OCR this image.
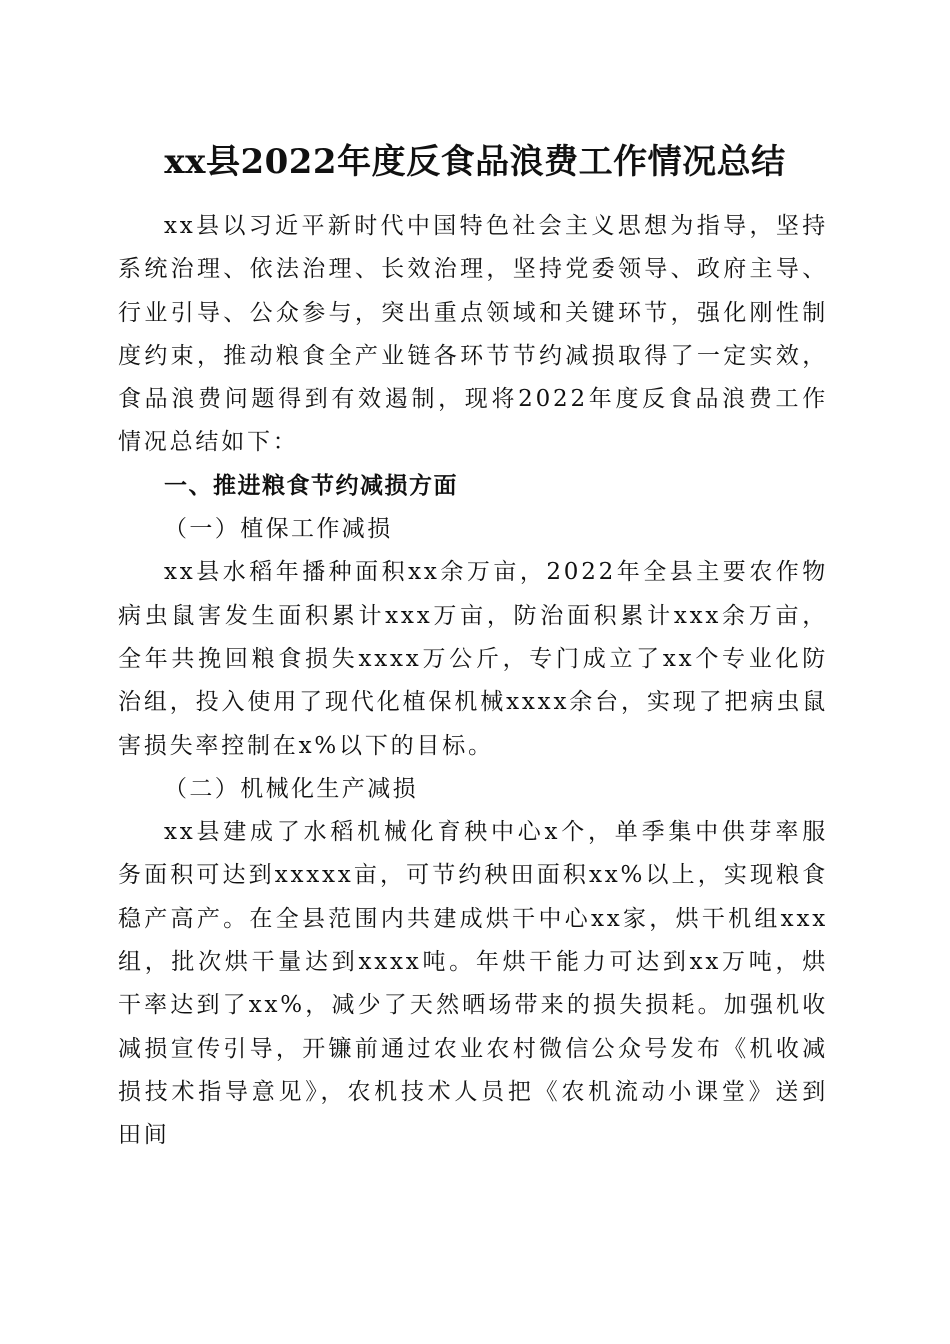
xx县2022年度反食品浪费工作情况总结

xx县以习近平新时代中国特色社会主义思想为指导，坚持系统治理、依法治理、长效治理，坚持党委领导、政府主导、行业引导、公众参与，突出重点领域和关键环节，强化刚性制度约束，推动粮食全产业链各环节节约减损取得了一定实效，食品浪费问题得到有效遏制，现将2022年度反食品浪费工作情况总结如下：

一、推进粮食节约减损方面

（一）植保工作减损

xx县水稻年播种面积xx余万亩，2022年全县主要农作物病虫鼠害发生面积累计xxx万亩，防治面积累计xxx余万亩，全年共挽回粮食损失xxxx万公斤，专门成立了xx个专业化防治组，投入使用了现代化植保机械xxxx余台，实现了把病虫鼠害损失率控制在x%以下的目标。

（二）机械化生产减损

xx县建成了水稻机械化育秧中心x个，单季集中供芽率服务面积可达到xxxxx亩，可节约秧田面积xx%以上，实现粮食稳产高产。在全县范围内共建成烘干中心xx家，烘干机组xxx组，批次烘干量达到xxxx吨。年烘干能力可达到xx万吨，烘干率达到了xx%，减少了天然晒场带来的损失损耗。加强机收减损宣传引导，开镰前通过农业农村微信公众号发布《机收减损技术指导意见》，农机技术人员把《农机流动小课堂》送到田间
